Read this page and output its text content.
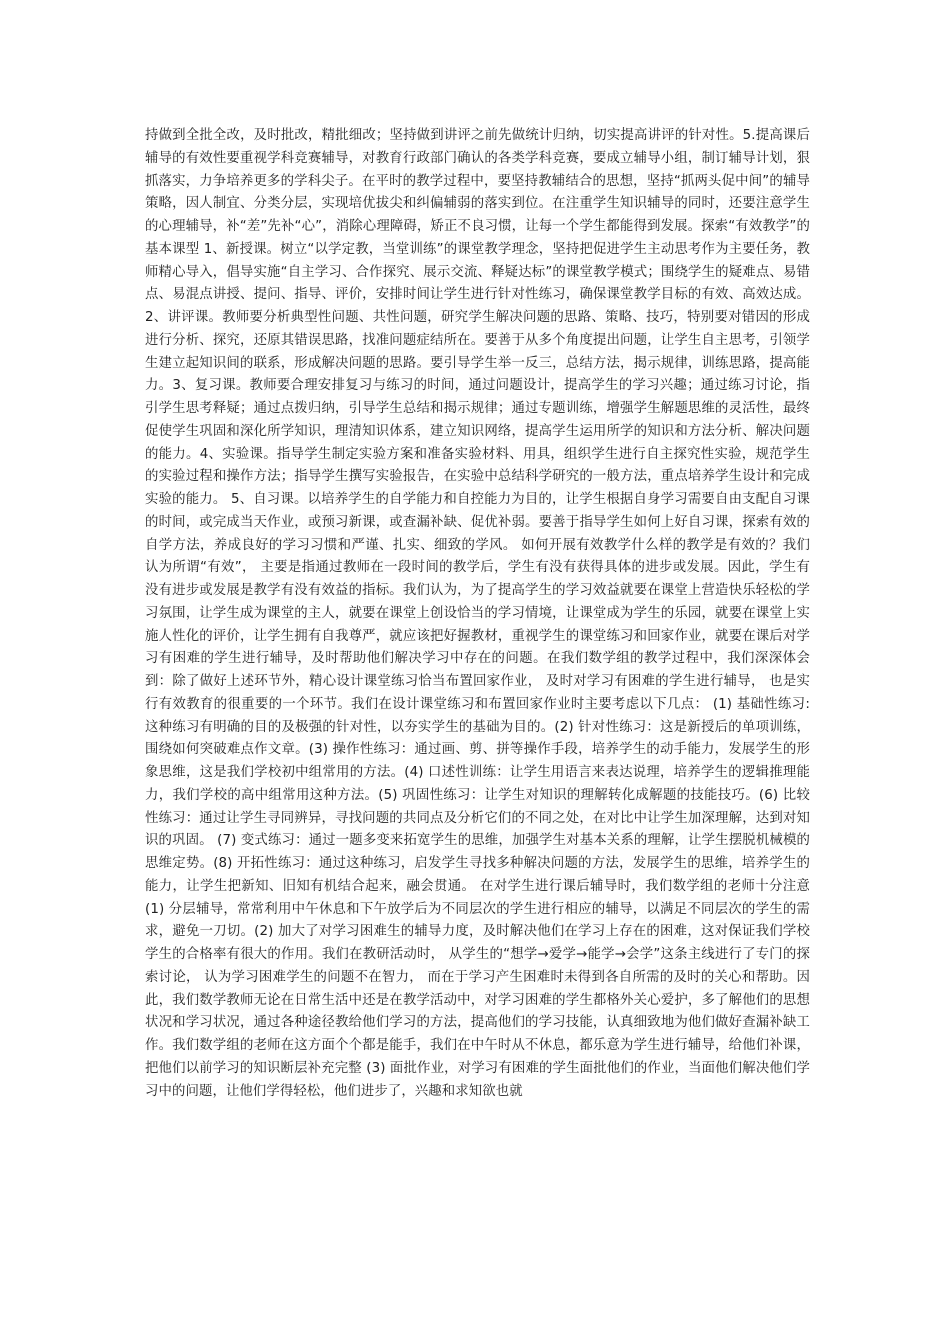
持做到全批全改，及时批改，精批细改；坚持做到讲评之前先做统计归纳，切实提高讲评的针对性。5.提高课后辅导的有效性要重视学科竞赛辅导，对教育行政部门确认的各类学科竞赛，要成立辅导小组，制订辅导计划，狠抓落实，力争培养更多的学科尖子。在平时的教学过程中，要坚持教辅结合的思想，坚持“抓两头促中间”的辅导策略，因人制宜、分类分层，实现培优拔尖和纠偏辅弱的落实到位。在注重学生知识辅导的同时，还要注意学生的心理辅导，补“差”先补“心”，消除心理障碍，矫正不良习惯，让每一个学生都能得到发展。探索“有效教学”的基本课型 1、新授课。树立“以学定教，当堂训练”的课堂教学理念，坚持把促进学生主动思考作为主要任务，教师精心导入，倡导实施“自主学习、合作探究、展示交流、释疑达标”的课堂教学模式；围绕学生的疑难点、易错点、易混点讲授、提问、指导、评价，安排时间让学生进行针对性练习，确保课堂教学目标的有效、高效达成。2、讲评课。教师要分析典型性问题、共性问题，研究学生解决问题的思路、策略、技巧，特别要对错因的形成进行分析、探究，还原其错误思路，找准问题症结所在。要善于从多个角度提出问题，让学生自主思考，引领学生建立起知识间的联系，形成解决问题的思路。要引导学生举一反三，总结方法，揭示规律，训练思路，提高能力。3、复习课。教师要合理安排复习与练习的时间，通过问题设计，提高学生的学习兴趣；通过练习讨论，指引学生思考释疑；通过点拨归纳，引导学生总结和揭示规律；通过专题训练，增强学生解题思维的灵活性，最终促使学生巩固和深化所学知识，理清知识体系，建立知识网络，提高学生运用所学的知识和方法分析、解决问题的能力。4、实验课。指导学生制定实验方案和准备实验材料、用具，组织学生进行自主探究性实验，规范学生的实验过程和操作方法；指导学生撰写实验报告，在实验中总结科学研究的一般方法，重点培养学生设计和完成实验的能力。 5、自习课。以培养学生的自学能力和自控能力为目的，让学生根据自身学习需要自由支配自习课的时间，或完成当天作业，或预习新课，或查漏补缺、促优补弱。要善于指导学生如何上好自习课，探索有效的自学方法，养成良好的学习习惯和严谨、扎实、细致的学风。 如何开展有效教学什么样的教学是有效的？我们认为所谓“有效”， 主要是指通过教师在一段时间的教学后，学生有没有获得具体的进步或发展。因此，学生有没有进步或发展是教学有没有效益的指标。我们认为，为了提高学生的学习效益就要在课堂上营造快乐轻松的学习氛围，让学生成为课堂的主人，就要在课堂上创设恰当的学习情境，让课堂成为学生的乐园，就要在课堂上实施人性化的评价，让学生拥有自我尊严，就应该把好握教材，重视学生的课堂练习和回家作业，就要在课后对学习有困难的学生进行辅导，及时帮助他们解决学习中存在的问题。在我们数学组的教学过程中，我们深深体会到：除了做好上述环节外，精心设计课堂练习恰当布置回家作业， 及时对学习有困难的学生进行辅导， 也是实行有效教育的很重要的一个环节。我们在设计课堂练习和布置回家作业时主要考虑以下几点： (1) 基础性练习:这种练习有明确的目的及极强的针对性，以夯实学生的基础为目的。(2) 针对性练习：这是新授后的单项训练，围绕如何突破难点作文章。(3) 操作性练习：通过画、剪、拼等操作手段，培养学生的动手能力，发展学生的形象思维，这是我们学校初中组常用的方法。(4) 口述性训练：让学生用语言来表达说理，培养学生的逻辑推理能力，我们学校的高中组常用这种方法。(5) 巩固性练习：让学生对知识的理解转化成解题的技能技巧。(6) 比较性练习：通过让学生寻同辨异，寻找问题的共同点及分析它们的不同之处，在对比中让学生加深理解，达到对知识的巩固。 (7) 变式练习：通过一题多变来拓宽学生的思维，加强学生对基本关系的理解，让学生摆脱机械模的思维定势。(8) 开拓性练习：通过这种练习，启发学生寻找多种解决问题的方法，发展学生的思维，培养学生的能力，让学生把新知、旧知有机结合起来，融会贯通。 在对学生进行课后辅导时，我们数学组的老师十分注意 (1) 分层辅导，常常利用中午休息和下午放学后为不同层次的学生进行相应的辅导，以满足不同层次的学生的需求，避免一刀切。(2) 加大了对学习困难生的辅导力度，及时解决他们在学习上存在的困难，这对保证我们学校学生的合格率有很大的作用。我们在教研活动时， 从学生的“想学→爱学→能学→会学”这条主线进行了专门的探索讨论， 认为学习困难学生的问题不在智力， 而在于学习产生困难时未得到各自所需的及时的关心和帮助。因此，我们数学教师无论在日常生活中还是在教学活动中，对学习困难的学生都格外关心爱护，多了解他们的思想状况和学习状况，通过各种途径教给他们学习的方法，提高他们的学习技能，认真细致地为他们做好查漏补缺工作。我们数学组的老师在这方面个个都是能手，我们在中午时从不休息，都乐意为学生进行辅导，给他们补课，把他们以前学习的知识断层补充完整 (3) 面批作业，对学习有困难的学生面批他们的作业，当面他们解决他们学习中的问题，让他们学得轻松，他们进步了，兴趣和求知欲也就
